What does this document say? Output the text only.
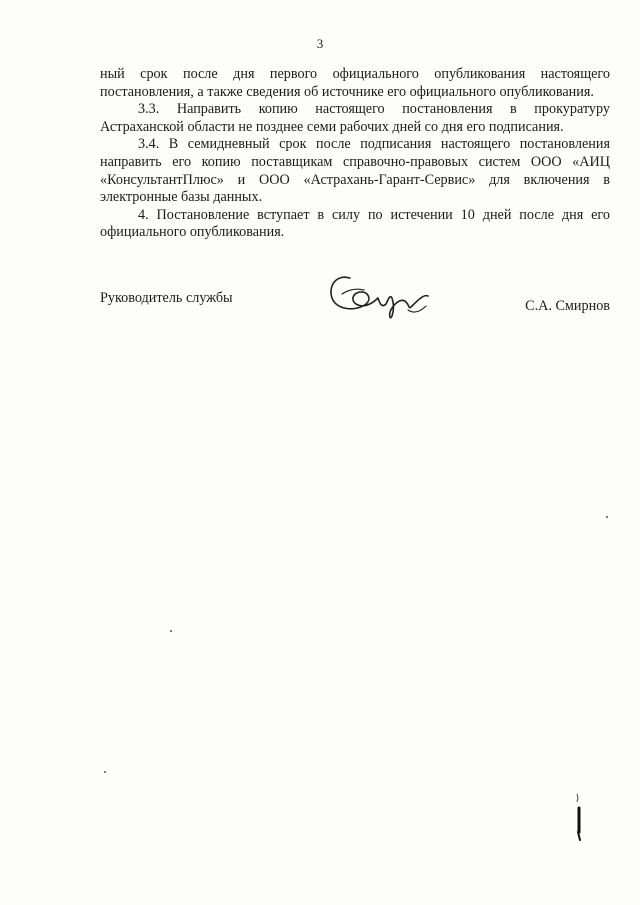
3

ный срок после дня первого официального опубликования настоящего постановления, а также сведения об источнике его официального опубликования.

3.3. Направить копию настоящего постановления в прокуратуру Астраханской области не позднее семи рабочих дней со дня его подписания.

3.4. В семидневный срок после подписания настоящего постановления направить его копию поставщикам справочно-правовых систем ООО «АИЦ «КонсультантПлюс» и ООО «Астрахань-Гарант-Сервис» для включения в электронные базы данных.

4. Постановление вступает в силу по истечении 10 дней после дня его официального опубликования.

Руководитель службы	С.А. Смирнов
